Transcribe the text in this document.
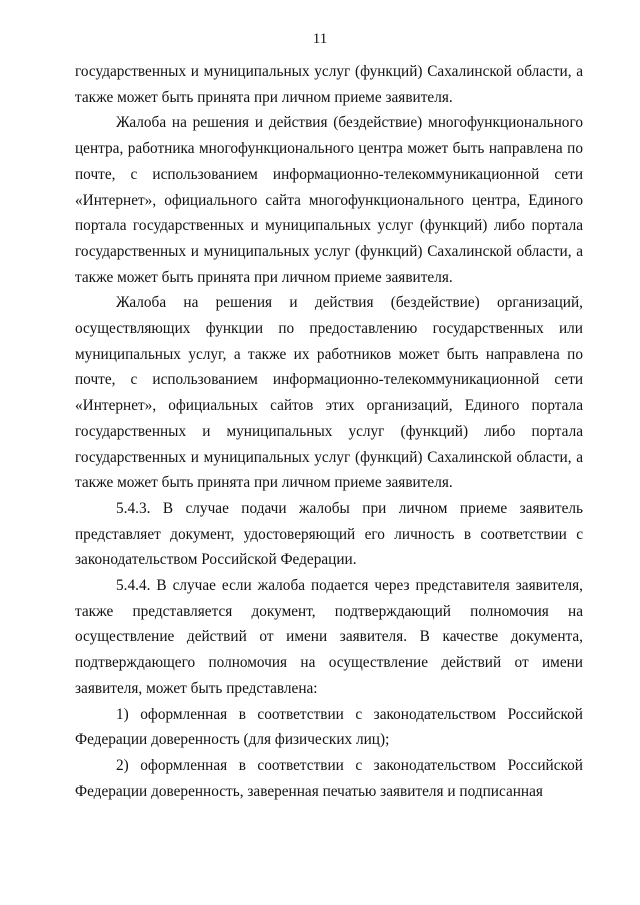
11

государственных и муниципальных услуг (функций) Сахалинской области, а также может быть принята при личном приеме заявителя.

Жалоба на решения и действия (бездействие) многофункционального центра, работника многофункционального центра может быть направлена по почте, с использованием информационно-телекоммуникационной сети «Интернет», официального сайта многофункционального центра, Единого портала государственных и муниципальных услуг (функций) либо портала государственных и муниципальных услуг (функций) Сахалинской области, а также может быть принята при личном приеме заявителя.

Жалоба на решения и действия (бездействие) организаций, осуществляющих функции по предоставлению государственных или муниципальных услуг, а также их работников может быть направлена по почте, с использованием информационно-телекоммуникационной сети «Интернет», официальных сайтов этих организаций, Единого портала государственных и муниципальных услуг (функций) либо портала государственных и муниципальных услуг (функций) Сахалинской области, а также может быть принята при личном приеме заявителя.

5.4.3. В случае подачи жалобы при личном приеме заявитель представляет документ, удостоверяющий его личность в соответствии с законодательством Российской Федерации.

5.4.4. В случае если жалоба подается через представителя заявителя, также представляется документ, подтверждающий полномочия на осуществление действий от имени заявителя. В качестве документа, подтверждающего полномочия на осуществление действий от имени заявителя, может быть представлена:

1) оформленная в соответствии с законодательством Российской Федерации доверенность (для физических лиц);

2) оформленная в соответствии с законодательством Российской Федерации доверенность, заверенная печатью заявителя и подписанная
